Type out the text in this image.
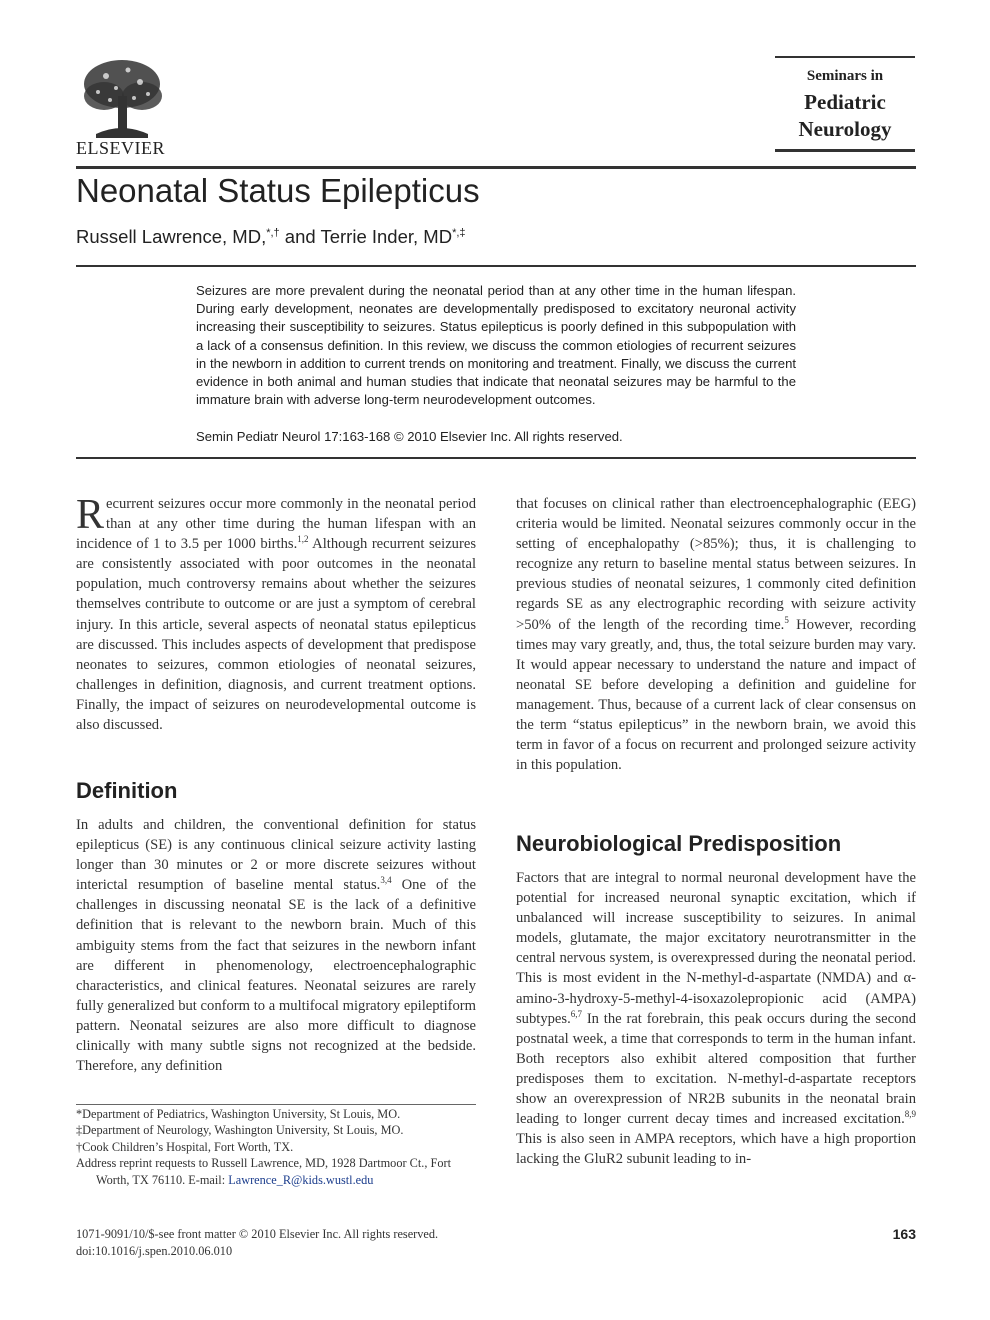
ELSEVIER
Seminars in
Pediatric
Neurology
Neonatal Status Epilepticus
Russell Lawrence, MD,*,† and Terrie Inder, MD*,‡
Seizures are more prevalent during the neonatal period than at any other time in the human lifespan. During early development, neonates are developmentally predisposed to excitatory neuronal activity increasing their susceptibility to seizures. Status epilepticus is poorly defined in this subpopulation with a lack of a consensus definition. In this review, we discuss the common etiologies of recurrent seizures in the newborn in addition to current trends on monitoring and treatment. Finally, we discuss the current evidence in both animal and human studies that indicate that neonatal seizures may be harmful to the immature brain with adverse long-term neurodevelopment outcomes.
Semin Pediatr Neurol 17:163-168 © 2010 Elsevier Inc. All rights reserved.

Recurrent seizures occur more commonly in the neonatal period than at any other time during the human lifespan with an incidence of 1 to 3.5 per 1000 births.$^{1,2}$ Although recurrent seizures are consistently associated with poor outcomes in the neonatal population, much controversy remains about whether the seizures themselves contribute to outcome or are just a symptom of cerebral injury. In this article, several aspects of neonatal status epilepticus are discussed. This includes aspects of development that predispose neonates to seizures, common etiologies of neonatal seizures, challenges in definition, diagnosis, and current treatment options. Finally, the impact of seizures on neurodevelopmental outcome is also discussed.

Definition

In adults and children, the conventional definition for status epilepticus (SE) is any continuous clinical seizure activity lasting longer than 30 minutes or 2 or more discrete seizures without interictal resumption of baseline mental status.$^{3,4}$ One of the challenges in discussing neonatal SE is the lack of a definitive definition that is relevant to the newborn brain. Much of this ambiguity stems from the fact that seizures in the newborn infant are different in phenomenology, electroencephalographic characteristics, and clinical features. Neonatal seizures are rarely fully generalized but conform to a multifocal migratory epileptiform pattern. Neonatal seizures are also more difficult to diagnose clinically with many subtle signs not recognized at the bedside. Therefore, any definition

*Department of Pediatrics, Washington University, St Louis, MO.
‡Department of Neurology, Washington University, St Louis, MO.
†Cook Children’s Hospital, Fort Worth, TX.
Address reprint requests to Russell Lawrence, MD, 1928 Dartmoor Ct., Fort Worth, TX 76110. E-mail: Lawrence_R@kids.wustl.edu

that focuses on clinical rather than electroencephalographic (EEG) criteria would be limited. Neonatal seizures commonly occur in the setting of encephalopathy (>85%); thus, it is challenging to recognize any return to baseline mental status between seizures. In previous studies of neonatal seizures, 1 commonly cited definition regards SE as any electrographic recording with seizure activity >50% of the length of the recording time.$^5$ However, recording times may vary greatly, and, thus, the total seizure burden may vary. It would appear necessary to understand the nature and impact of neonatal SE before developing a definition and guideline for management. Thus, because of a current lack of clear consensus on the term “status epilepticus” in the newborn brain, we avoid this term in favor of a focus on recurrent and prolonged seizure activity in this population.

Neurobiological Predisposition

Factors that are integral to normal neuronal development have the potential for increased neuronal synaptic excitation, which if unbalanced will increase susceptibility to seizures. In animal models, glutamate, the major excitatory neurotransmitter in the central nervous system, is overexpressed during the neonatal period. This is most evident in the N-methyl-d-aspartate (NMDA) and α-amino-3-hydroxy-5-methyl-4-isoxazolepropionic acid (AMPA) subtypes.$^{6,7}$ In the rat forebrain, this peak occurs during the second postnatal week, a time that corresponds to term in the human infant. Both receptors also exhibit altered composition that further predisposes them to excitation. N-methyl-d-aspartate receptors show an overexpression of NR2B subunits in the neonatal brain leading to longer current decay times and increased excitation.$^{8,9}$ This is also seen in AMPA receptors, which have a high proportion lacking the GluR2 subunit leading to in-

1071-9091/10/$-see front matter © 2010 Elsevier Inc. All rights reserved.
doi:10.1016/j.spen.2010.06.010
163
